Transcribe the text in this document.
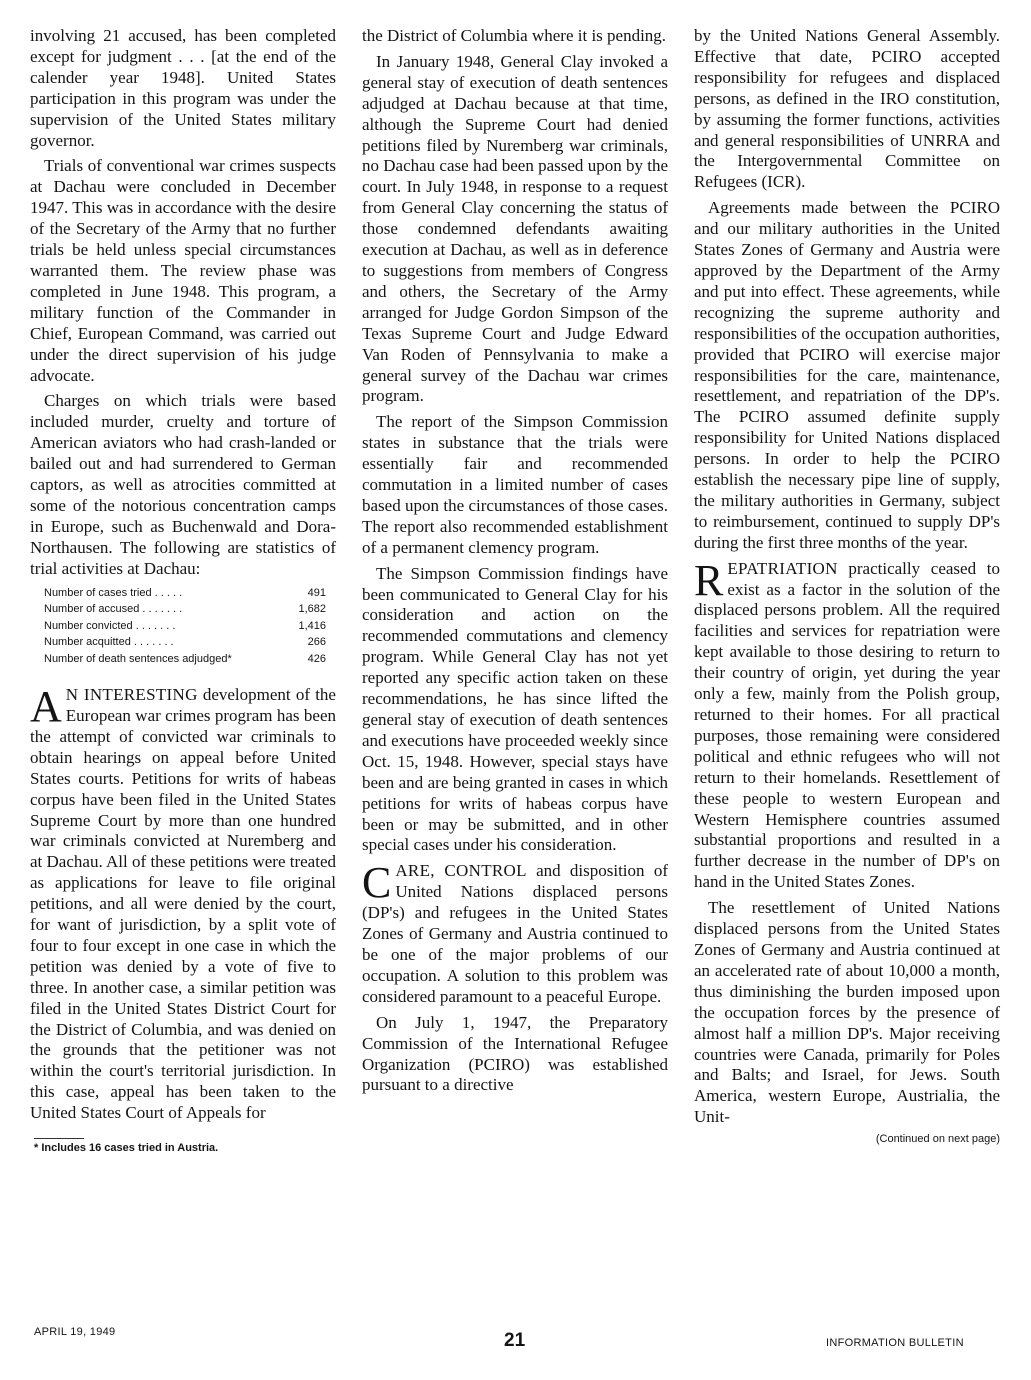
involving 21 accused, has been completed except for judgment . . . [at the end of the calender year 1948]. United States participation in this program was under the supervision of the United States military governor.

Trials of conventional war crimes suspects at Dachau were concluded in December 1947. This was in accordance with the desire of the Secretary of the Army that no further trials be held unless special circumstances warranted them. The review phase was completed in June 1948. This program, a military function of the Commander in Chief, European Command, was carried out under the direct supervision of his judge advocate.

Charges on which trials were based included murder, cruelty and torture of American aviators who had crash-landed or bailed out and had surrendered to German captors, as well as atrocities committed at some of the notorious concentration camps in Europe, such as Buchenwald and Dora-Northausen. The following are statistics of trial activities at Dachau:

Number of cases tried . . . . .	491
Number of accused . . . . . . .	1,682
Number convicted . . . . . . .	1,416
Number acquitted . . . . . . .	266
Number of death sentences adjudged*	426

A N INTERESTING development of the European war crimes program has been the attempt of convicted war criminals to obtain hearings on appeal before United States courts. Petitions for writs of habeas corpus have been filed in the United States Supreme Court by more than one hundred war criminals convicted at Nuremberg and at Dachau. All of these petitions were treated as applications for leave to file original petitions, and all were denied by the court, for want of jurisdiction, by a split vote of four to four except in one case in which the petition was denied by a vote of five to three. In another case, a similar petition was filed in the United States District Court for the District of Columbia, and was denied on the grounds that the petitioner was not within the court's territorial jurisdiction. In this case, appeal has been taken to the United States Court of Appeals for

* Includes 16 cases tried in Austria.

the District of Columbia where it is pending.

In January 1948, General Clay invoked a general stay of execution of death sentences adjudged at Dachau because at that time, although the Supreme Court had denied petitions filed by Nuremberg war criminals, no Dachau case had been passed upon by the court. In July 1948, in response to a request from General Clay concerning the status of those condemned defendants awaiting execution at Dachau, as well as in deference to suggestions from members of Congress and others, the Secretary of the Army arranged for Judge Gordon Simpson of the Texas Supreme Court and Judge Edward Van Roden of Pennsylvania to make a general survey of the Dachau war crimes program.

The report of the Simpson Commission states in substance that the trials were essentially fair and recommended commutation in a limited number of cases based upon the circumstances of those cases. The report also recommended establishment of a permanent clemency program.

The Simpson Commission findings have been communicated to General Clay for his consideration and action on the recommended commutations and clemency program. While General Clay has not yet reported any specific action taken on these recommendations, he has since lifted the general stay of execution of death sentences and executions have proceeded weekly since Oct. 15, 1948. However, special stays have been and are being granted in cases in which petitions for writs of habeas corpus have been or may be submitted, and in other special cases under his consideration.

CARE, CONTROL and disposition of United Nations displaced persons (DP's) and refugees in the United States Zones of Germany and Austria continued to be one of the major problems of our occupation. A solution to this problem was considered paramount to a peaceful Europe.

On July 1, 1947, the Preparatory Commission of the International Refugee Organization (PCIRO) was established pursuant to a directive

by the United Nations General Assembly. Effective that date, PCIRO accepted responsibility for refugees and displaced persons, as defined in the IRO constitution, by assuming the former functions, activities and general responsibilities of UNRRA and the Intergovernmental Committee on Refugees (ICR).

Agreements made between the PCIRO and our military authorities in the United States Zones of Germany and Austria were approved by the Department of the Army and put into effect. These agreements, while recognizing the supreme authority and responsibilities of the occupation authorities, provided that PCIRO will exercise major responsibilities for the care, maintenance, resettlement, and repatriation of the DP's. The PCIRO assumed definite supply responsibility for United Nations displaced persons. In order to help the PCIRO establish the necessary pipe line of supply, the military authorities in Germany, subject to reimbursement, continued to supply DP's during the first three months of the year.

REPATRIATION practically ceased to exist as a factor in the solution of the displaced persons problem. All the required facilities and services for repatriation were kept available to those desiring to return to their country of origin, yet during the year only a few, mainly from the Polish group, returned to their homes. For all practical purposes, those remaining were considered political and ethnic refugees who will not return to their homelands. Resettlement of these people to western European and Western Hemisphere countries assumed substantial proportions and resulted in a further decrease in the number of DP's on hand in the United States Zones.

The resettlement of United Nations displaced persons from the United States Zones of Germany and Austria continued at an accelerated rate of about 10,000 a month, thus diminishing the burden imposed upon the occupation forces by the presence of almost half a million DP's. Major receiving countries were Canada, primarily for Poles and Balts; and Israel, for Jews. South America, western Europe, Austrialia, the Unit-

(Continued on next page)

APRIL 19, 1949	21	INFORMATION BULLETIN
